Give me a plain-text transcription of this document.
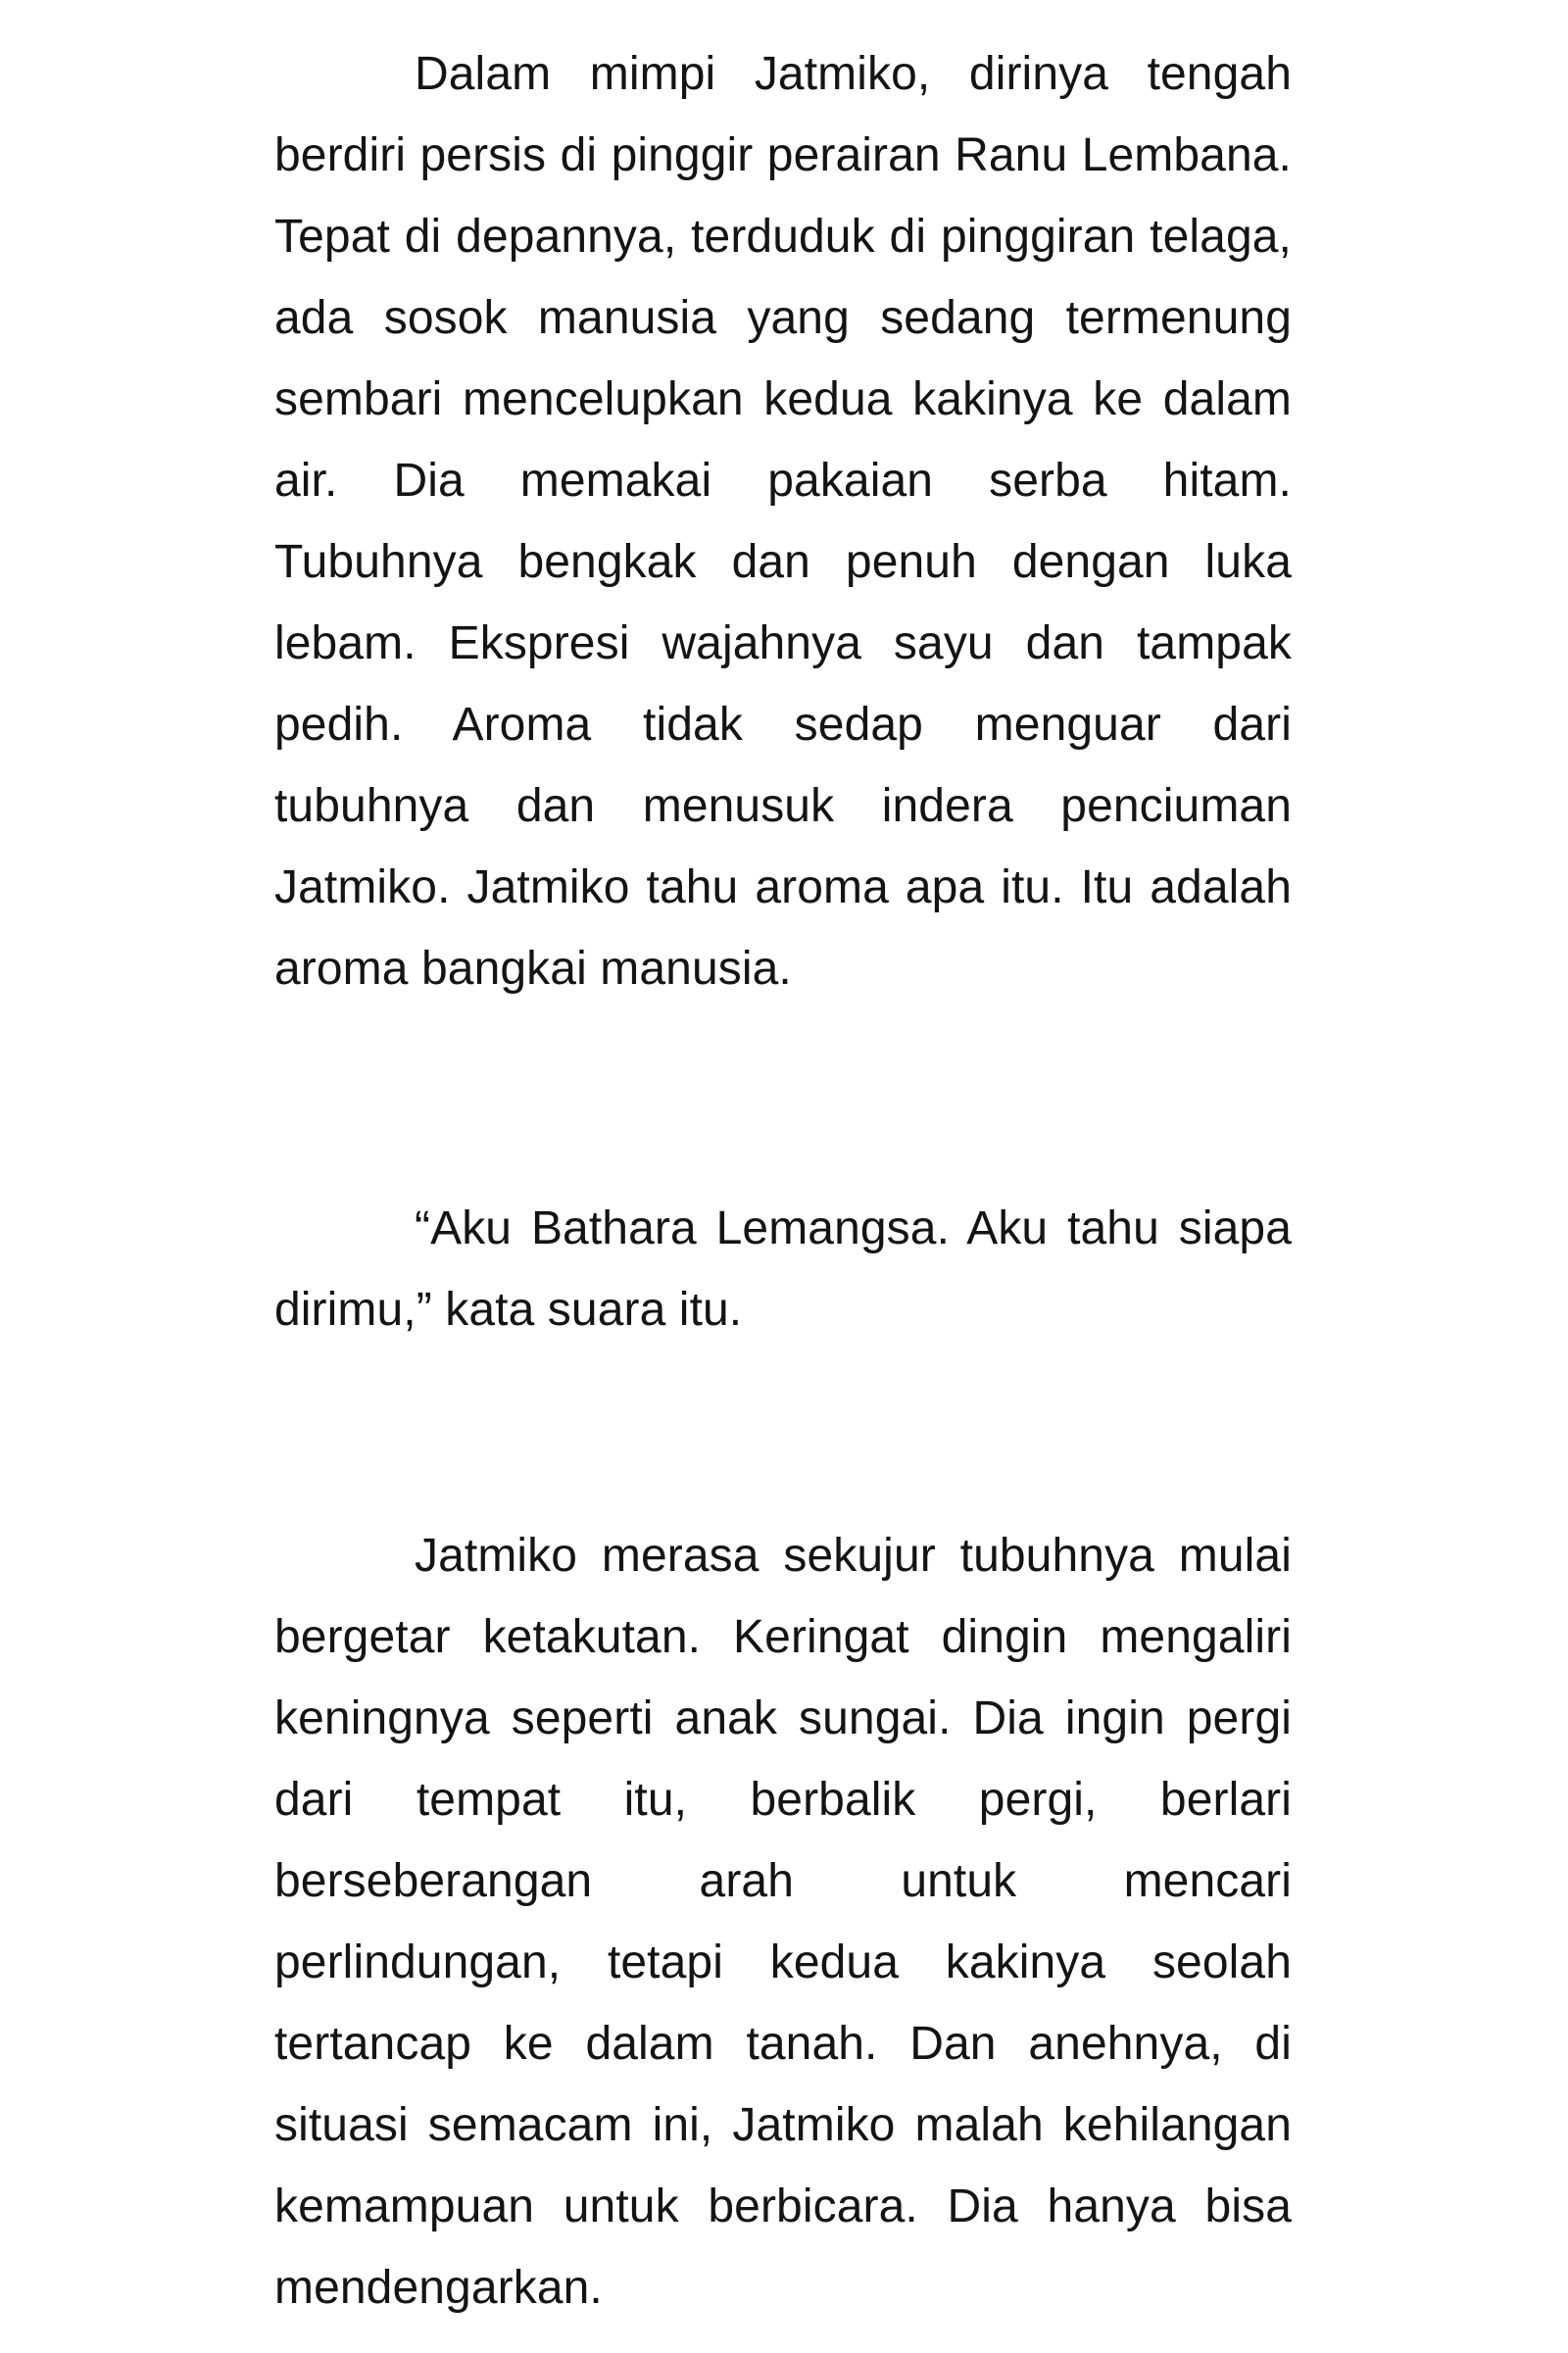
Dalam mimpi Jatmiko, dirinya tengah berdiri persis di pinggir perairan Ranu Lembana. Tepat di depannya, terduduk di pinggiran telaga, ada sosok manusia yang sedang termenung sembari mencelupkan kedua kakinya ke dalam air. Dia memakai pakaian serba hitam. Tubuhnya bengkak dan penuh dengan luka lebam. Ekspresi wajahnya sayu dan tampak pedih. Aroma tidak sedap menguar dari tubuhnya dan menusuk indera penciuman Jatmiko. Jatmiko tahu aroma apa itu. Itu adalah aroma bangkai manusia.

“Aku Bathara Lemangsa. Aku tahu siapa dirimu,” kata suara itu.

Jatmiko merasa sekujur tubuhnya mulai bergetar ketakutan. Keringat dingin mengaliri keningnya seperti anak sungai. Dia ingin pergi dari tempat itu, berbalik pergi, berlari berseberangan arah untuk mencari perlindungan, tetapi kedua kakinya seolah tertancap ke dalam tanah. Dan anehnya, di situasi semacam ini, Jatmiko malah kehilangan kemampuan untuk berbicara. Dia hanya bisa mendengarkan.
